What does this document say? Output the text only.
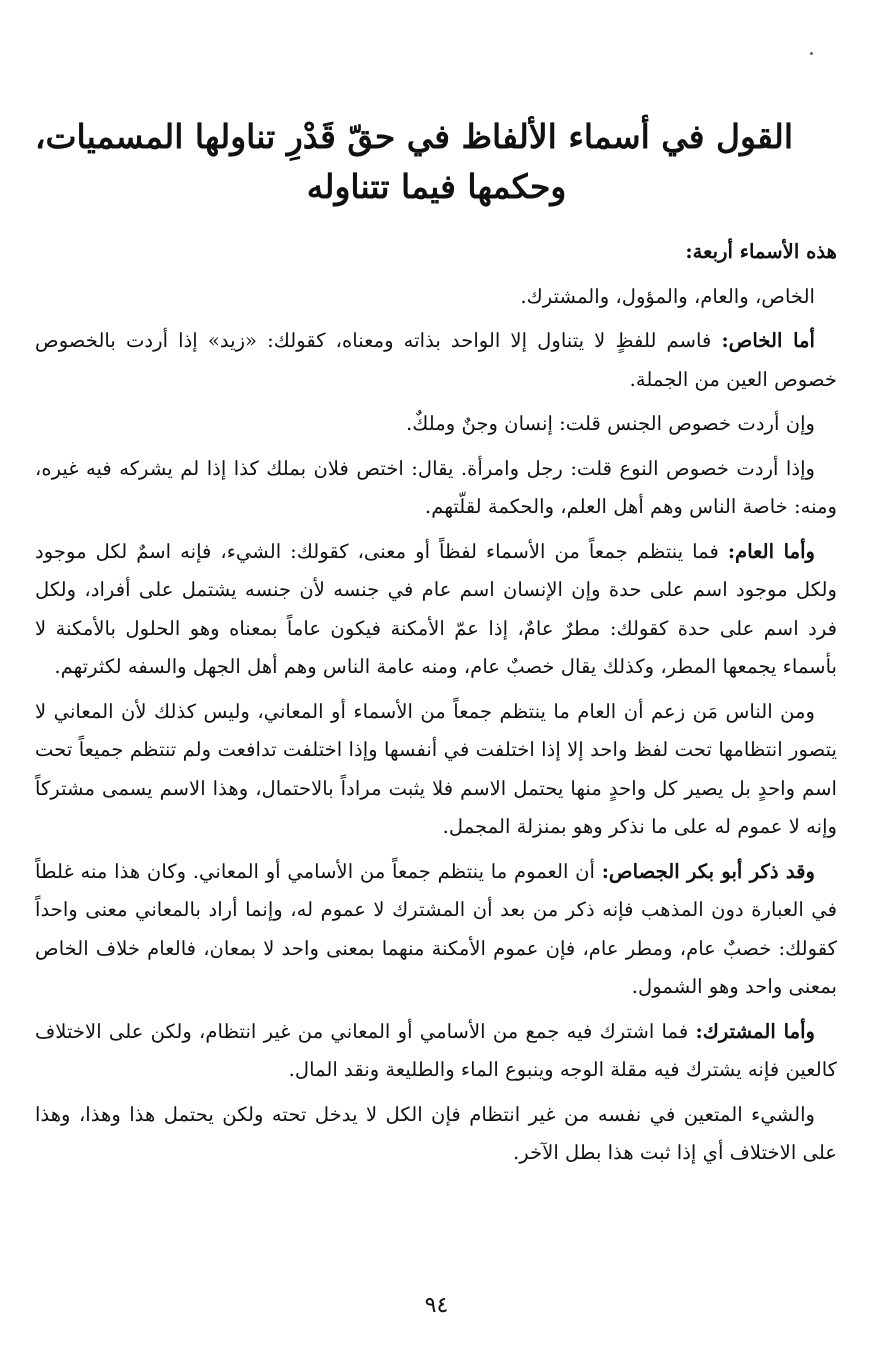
القول في أسماء الألفاظ في حقّ قَدْرِ تناولها المسميات،
وحكمها فيما تتناوله

هذه الأسماء أربعة:

الخاص، والعام، والمؤول، والمشترك.

أما الخاص: فاسم للفظٍ لا يتناول إلا الواحد بذاته ومعناه، كقولك: «زيد» إذا أردت بالخصوص خصوص العين من الجملة.

وإن أردت خصوص الجنس قلت: إنسان وجنٌ وملكٌ.

وإذا أردت خصوص النوع قلت: رجل وامرأة. يقال: اختص فلان بملك كذا إذا لم يشركه فيه غيره، ومنه: خاصة الناس وهم أهل العلم، والحكمة لقلّتهم.

وأما العام: فما ينتظم جمعاً من الأسماء لفظاً أو معنى، كقولك: الشيء، فإنه اسمٌ لكل موجود ولكل موجود اسم على حدة وإن الإنسان اسم عام في جنسه لأن جنسه يشتمل على أفراد، ولكل فرد اسم على حدة كقولك: مطرٌ عامٌ، إذا عمّ الأمكنة فيكون عاماً بمعناه وهو الحلول بالأمكنة لا بأسماء يجمعها المطر، وكذلك يقال خصبٌ عام، ومنه عامة الناس وهم أهل الجهل والسفه لكثرتهم.

ومن الناس مَن زعم أن العام ما ينتظم جمعاً من الأسماء أو المعاني، وليس كذلك لأن المعاني لا يتصور انتظامها تحت لفظ واحد إلا إذا اختلفت في أنفسها وإذا اختلفت تدافعت ولم تنتظم جميعاً تحت اسم واحدٍ بل يصير كل واحدٍ منها يحتمل الاسم فلا يثبت مراداً بالاحتمال، وهذا الاسم يسمى مشتركاً وإنه لا عموم له على ما نذكر وهو بمنزلة المجمل.

وقد ذكر أبو بكر الجصاص: أن العموم ما ينتظم جمعاً من الأسامي أو المعاني. وكان هذا منه غلطاً في العبارة دون المذهب فإنه ذكر من بعد أن المشترك لا عموم له، وإنما أراد بالمعاني معنى واحداً كقولك: خصبٌ عام، ومطر عام، فإن عموم الأمكنة منهما بمعنى واحد لا بمعان، فالعام خلاف الخاص بمعنى واحد وهو الشمول.

وأما المشترك: فما اشترك فيه جمع من الأسامي أو المعاني من غير انتظام، ولكن على الاختلاف كالعين فإنه يشترك فيه مقلة الوجه وينبوع الماء والطليعة ونقد المال.

والشيء المتعين في نفسه من غير انتظام فإن الكل لا يدخل تحته ولكن يحتمل هذا وهذا، وهذا على الاختلاف أي إذا ثبت هذا بطل الآخر.

٩٤
